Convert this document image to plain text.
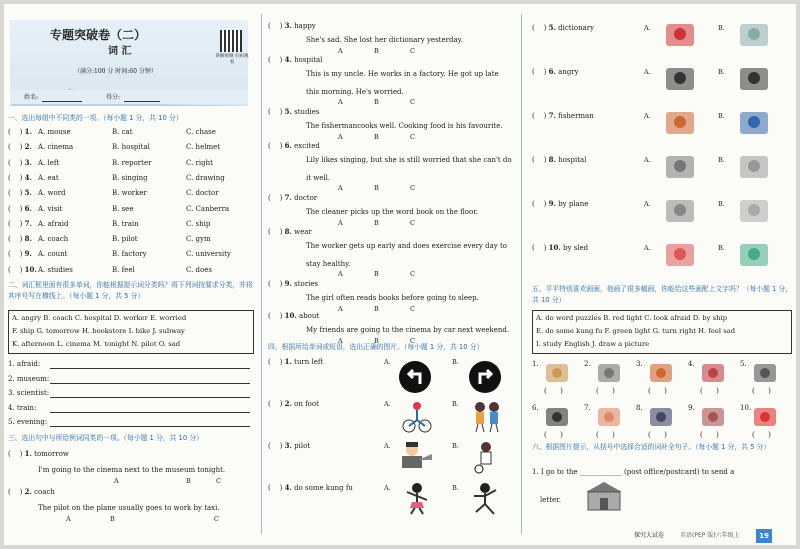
专题突破卷（二）
词 汇
（满分:100 分 时间:60 分钟）
讲解视频 扫码观看
姓名:	得分:
一、选出每组中不同类的一项。（每小题 1 分，共 10 分）
(    ) 1. A. mouse	B. cat	C. chase
(    ) 2. A. cinema	B. hospital	C. helmet
(    ) 3. A. left	B. reporter	C. right
(    ) 4. A. eat	B. singing	C. drawing
(    ) 5. A. word	B. worker	C. doctor
(    ) 6. A. visit	B. see	C. Canberra
(    ) 7. A. afraid	B. train	C. ship
(    ) 8. A. coach	B. pilot	C. gym
(    ) 9. A. count	B. factory	C. university
(    ) 10. A. studies	B. feel	C. does
二、词汇框里面有很多单词，你能根据提示词分类吗？将下列词按要求分类，并将其序号写在横线上。（每小题 1 分，共 5 分）
A. angry B. coach C. hospital D. worker E. worried
F. ship G. tomorrow H. bookstore I. bike J. subway
K. afternoon L. cinema M. tonight N. pilot O. sad
1. afraid:
2. museum:
3. scientist:
4. train:
5. evening:
三、选出句中与所给例词同类的一项。（每小题 1 分，共 10 分）
(    ) 1. tomorrow
I'm going to the cinema next to the museum tonight.
A	B	C
(    ) 2. coach
The pilot on the plane usually goes to work by taxi.
A	B	C
(    ) 3. happy
She's sad. She lost her dictionary yesterday.
A	B	C
(    ) 4. hospital
This is my uncle. He works in a factory. He got up late
this morning. He's worried.
A	B	C
(    ) 5. studies
The fishermancooks well. Cooking food is his favourite.
A	B	C
(    ) 6. excited
Lily likes singing, but she is still worried that she can't do
it well.
A	B	C
(    ) 7. doctor
The cleaner picks up the word book on the floor.
A	B	C
(    ) 8. wear
The worker gets up early and does exercise every day to
stay healthy.
A	B	C
(    ) 9. stories
The girl often reads books before going to sleep.
A	B	C
(    ) 10. about
My friends are going to the cinema by car next weekend.
A	B	C
四、根据所给单词或短语，选出正确的图片。（每小题 1 分，共 10 分）
(    ) 1. turn left	A.	B.
(    ) 2. on foot	A.	B.
(    ) 3. pilot	A.	B.
(    ) 4. do some kung fu	A.	B.
(    ) 5. dictionary	A.	B.
(    ) 6. angry	A.	B.
(    ) 7. fisherman	A.	B.
(    ) 8. hospital	A.	B.
(    ) 9. by plane	A.	B.
(    ) 10. by sled	A.	B.
五、平平特别喜欢画画，他画了很多幅画，你能给这些画配上文字吗？（每小题 1 分，共 10 分）
A. do word puzzles B. red light C. look afraid D. by ship
E. do some kung fu F. green light G. turn right H. feel sad
I. study English J. draw a picture
1.
(      )
2.
(      )
3.
(      )
4.
(      )
5.
(      )
6.
(      )
7.
(      )
8.
(      )
9.
(      )
10.
(      )
六、根据图片提示，从括号中选择合适的词补全句子。（每小题 1 分，共 5 分）
1. I go to the ____________ (post office/postcard) to send a
letter.
探究大试卷	英语(PEP 版)六年级上	19
